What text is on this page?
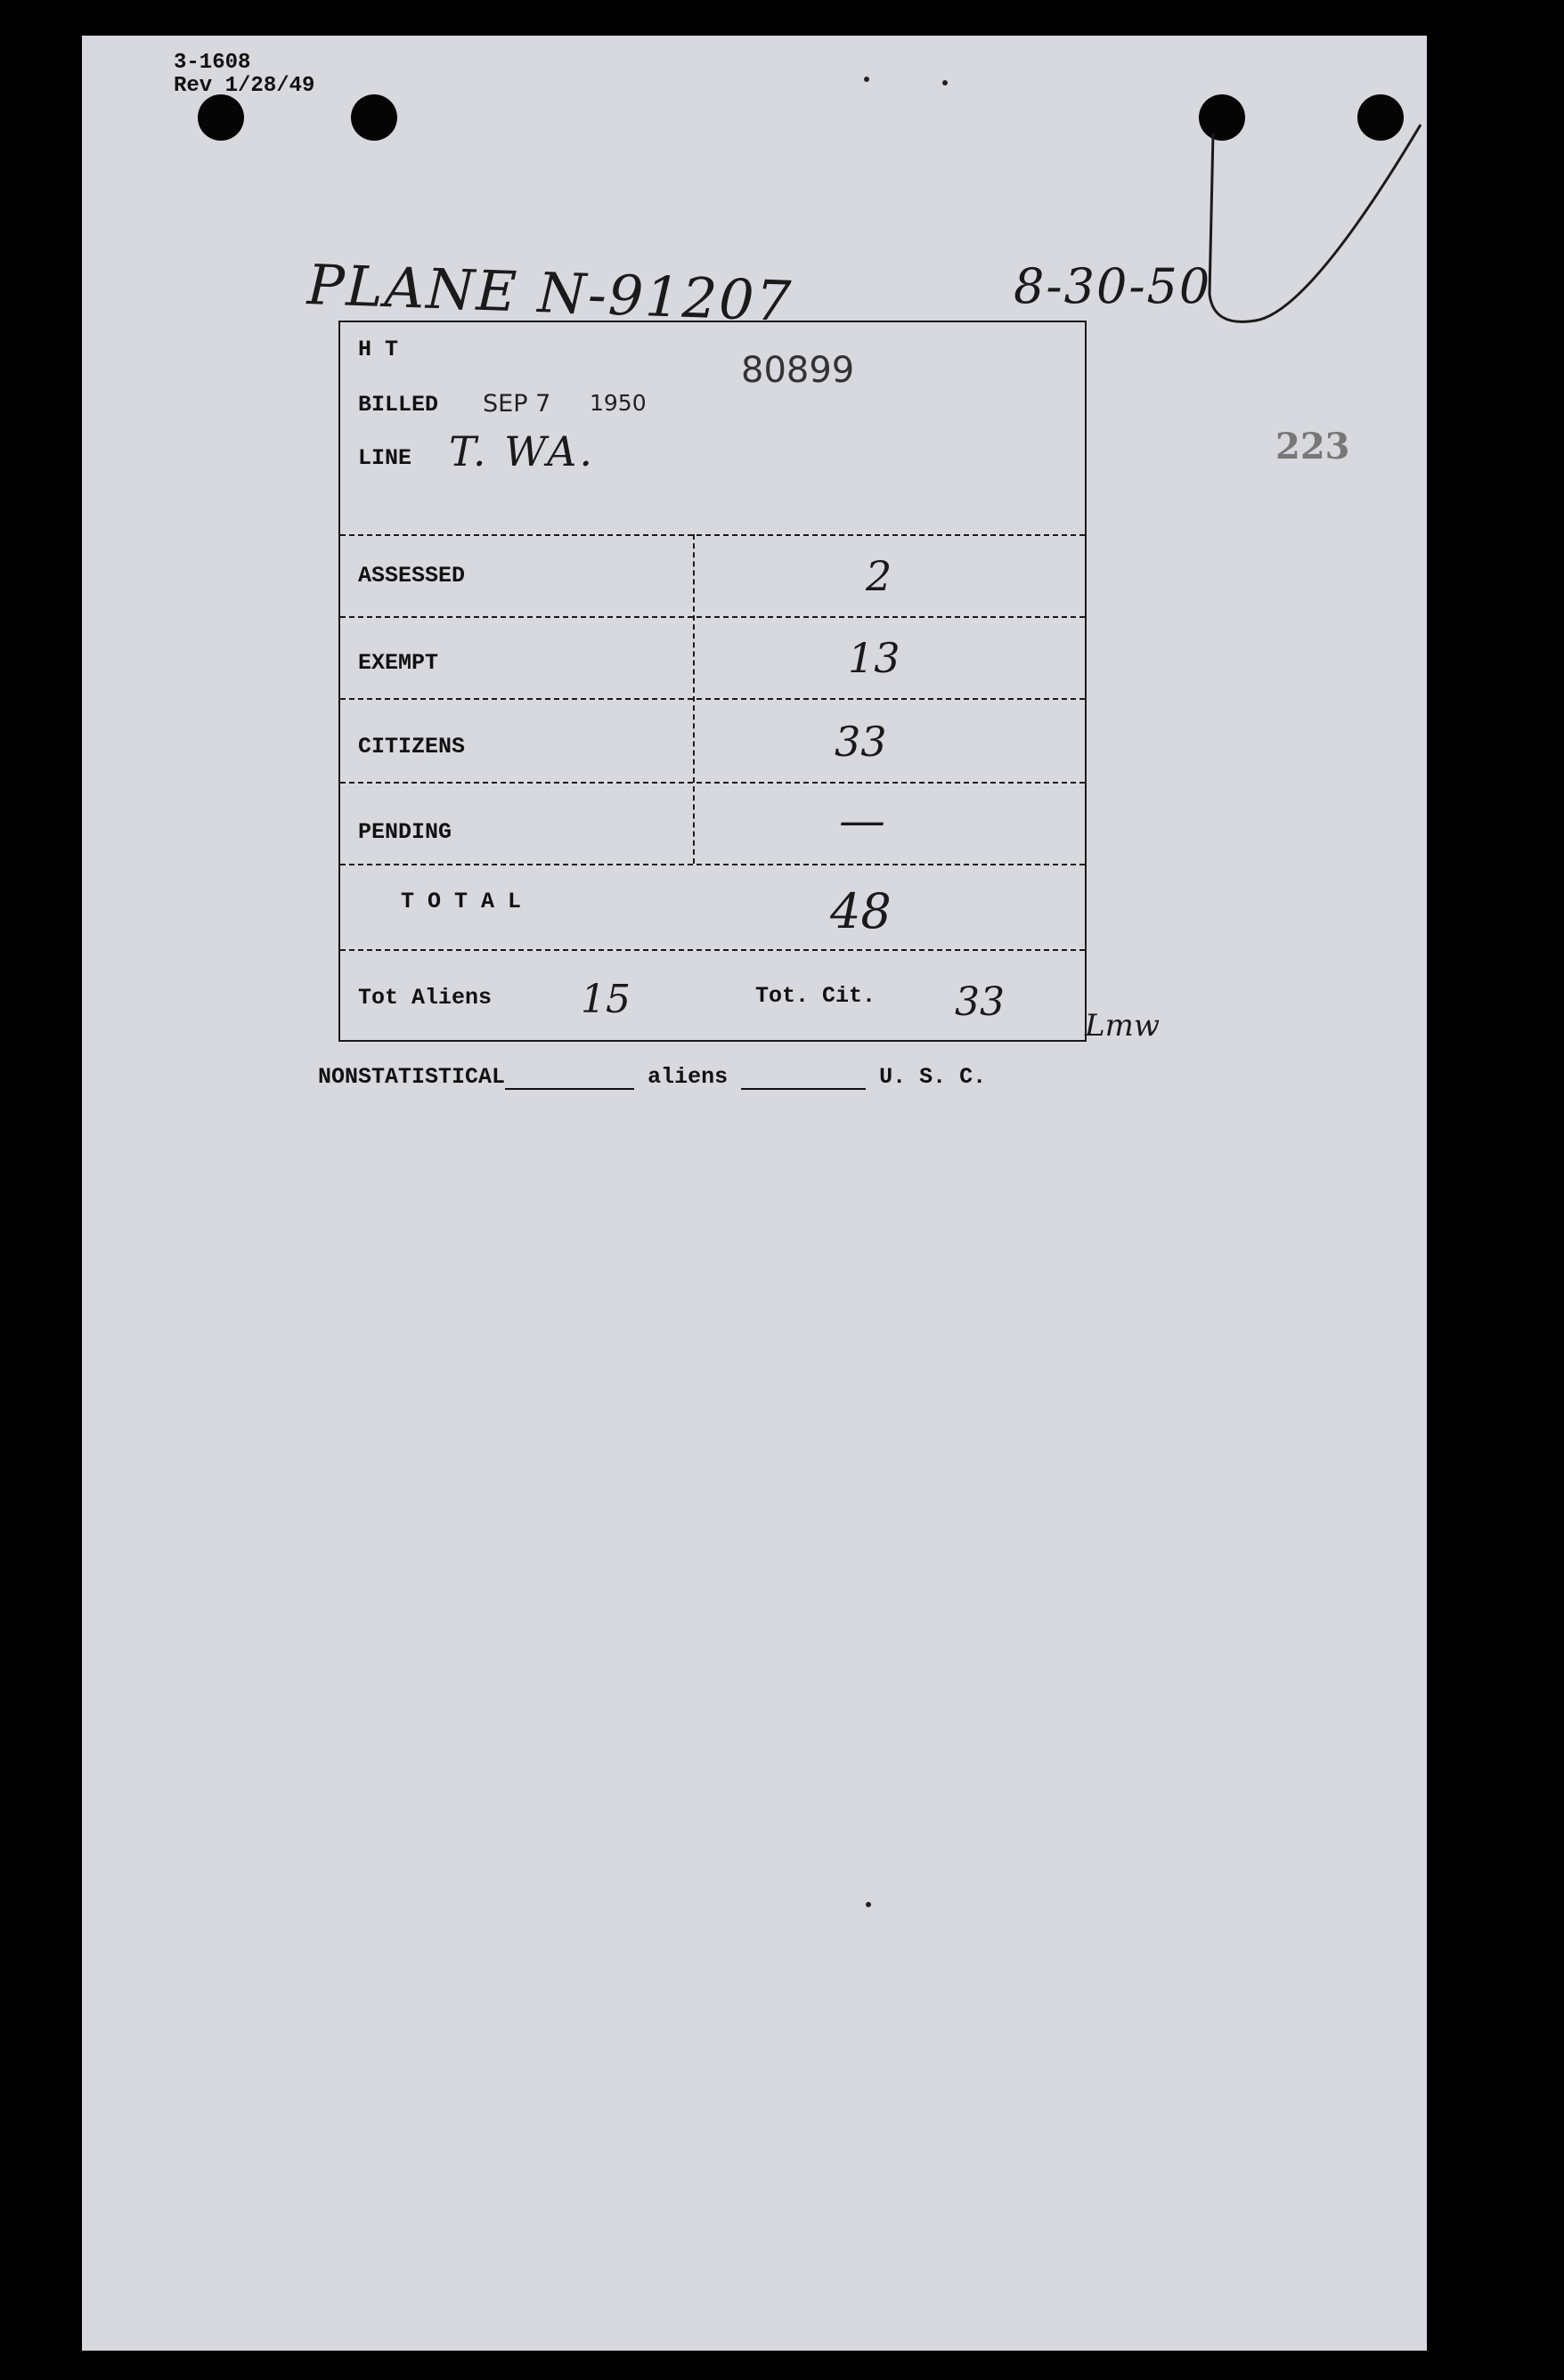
3-1608
Rev 1/28/49
PLANE N-91207	8-30-50
80899
223
H T
BILLED SEP 7 1950
LINE T. WA.
ASSESSED	2
EXEMPT	13
CITIZENS	33
PENDING	—
T O T A L	48
Tot Aliens 15	Tot. Cit. 33
Lmw
NONSTATISTICAL	aliens	U. S. C.
